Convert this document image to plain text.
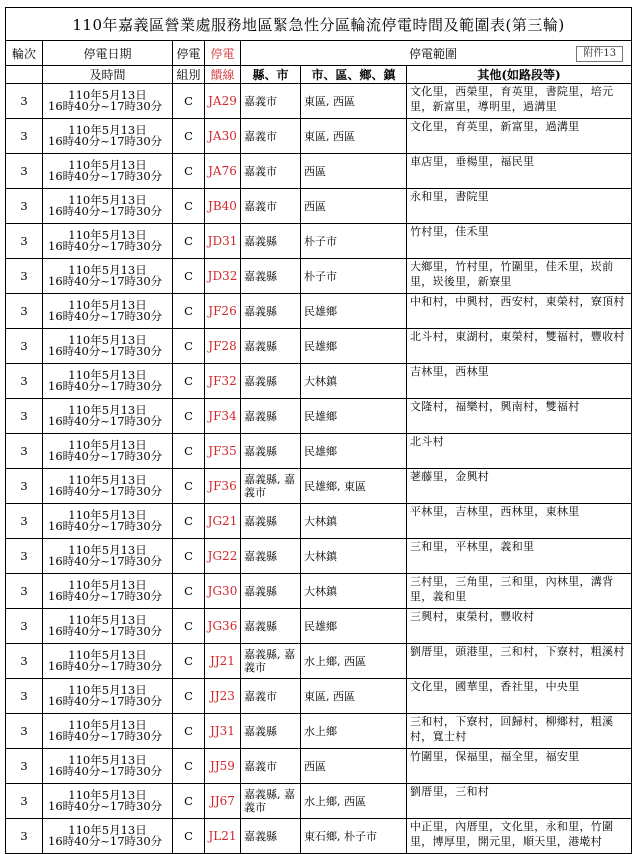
110年嘉義區營業處服務地區緊急性分區輪流停電時間及範圍表(第三輪)						
輪次	停電日期	停電	停電	停電範圍 附件13		

	及時間	組別	饋線	縣、市	市、區、鄉、鎮	其他(如路段等)
3	110年5月13日
16時40分~17時30分	C	JA29	嘉義市	東區, 西區	文化里，西榮里，育英里，書院里，培元里，新富里，導明里，過溝里
3	110年5月13日
16時40分~17時30分	C	JA30	嘉義市	東區, 西區	文化里，育英里，新富里，過溝里
3	110年5月13日
16時40分~17時30分	C	JA76	嘉義市	西區	車店里，垂楊里，福民里
3	110年5月13日
16時40分~17時30分	C	JB40	嘉義市	西區	永和里，書院里
3	110年5月13日
16時40分~17時30分	C	JD31	嘉義縣	朴子市	竹村里，佳禾里
3	110年5月13日
16時40分~17時30分	C	JD32	嘉義縣	朴子市	大鄉里，竹村里，竹圍里，佳禾里，崁前里，崁後里，新寮里
3	110年5月13日
16時40分~17時30分	C	JF26	嘉義縣	民雄鄉	中和村，中興村，西安村，東榮村，寮頂村
3	110年5月13日
16時40分~17時30分	C	JF28	嘉義縣	民雄鄉	北斗村，東湖村，東榮村，雙福村，豐收村
3	110年5月13日
16時40分~17時30分	C	JF32	嘉義縣	大林鎮	吉林里，西林里
3	110年5月13日
16時40分~17時30分	C	JF34	嘉義縣	民雄鄉	文隆村，福樂村，興南村，雙福村
3	110年5月13日
16時40分~17時30分	C	JF35	嘉義縣	民雄鄉	北斗村
3	110年5月13日
16時40分~17時30分	C	JF36	嘉義縣, 嘉義市	民雄鄉, 東區	荖藤里，金興村
3	110年5月13日
16時40分~17時30分	C	JG21	嘉義縣	大林鎮	平林里，吉林里，西林里，東林里
3	110年5月13日
16時40分~17時30分	C	JG22	嘉義縣	大林鎮	三和里，平林里，義和里
3	110年5月13日
16時40分~17時30分	C	JG30	嘉義縣	大林鎮	三村里，三角里，三和里，內林里，溝背里，義和里
3	110年5月13日
16時40分~17時30分	C	JG36	嘉義縣	民雄鄉	三興村，東榮村，豐收村
3	110年5月13日
16時40分~17時30分	C	JJ21	嘉義縣, 嘉義市	水上鄉, 西區	劉厝里，頭港里，三和村，下寮村，粗溪村
3	110年5月13日
16時40分~17時30分	C	JJ23	嘉義市	東區, 西區	文化里，國華里，香社里，中央里
3	110年5月13日
16時40分~17時30分	C	JJ31	嘉義縣	水上鄉	三和村，下寮村，回歸村，柳鄉村，粗溪村，寬士村
3	110年5月13日
16時40分~17時30分	C	JJ59	嘉義市	西區	竹圍里，保福里，福全里，福安里
3	110年5月13日
16時40分~17時30分	C	JJ67	嘉義縣, 嘉義市	水上鄉, 西區	劉厝里，三和村
3	110年5月13日
16時40分~17時30分	C	JL21	嘉義縣	東石鄉, 朴子市	中正里，內厝里，文化里，永和里，竹圍里，博厚里，開元里，順天里，港墘村
